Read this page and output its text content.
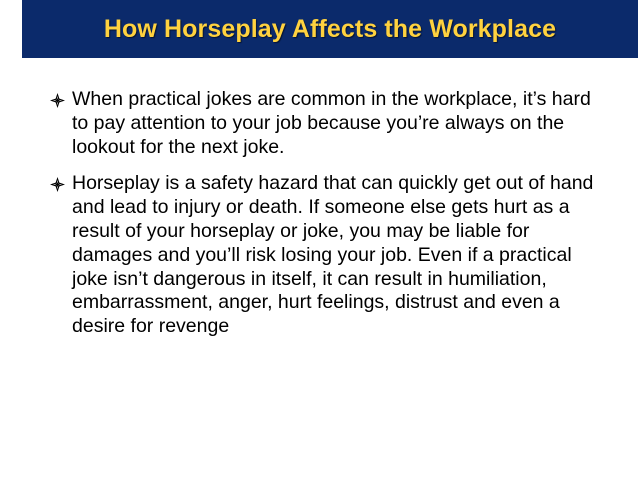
How Horseplay Affects the Workplace
When practical jokes are common in the workplace, it’s hard to pay attention to your job because you’re always on the lookout for the next joke.
Horseplay is a safety hazard that can quickly get out of hand and lead to injury or death. If someone else gets hurt as a result of your horseplay or joke, you may be liable for damages and you’ll risk losing your job. Even if a practical joke isn’t dangerous in itself, it can result in humiliation, embarrassment, anger, hurt feelings, distrust and even a desire for revenge
